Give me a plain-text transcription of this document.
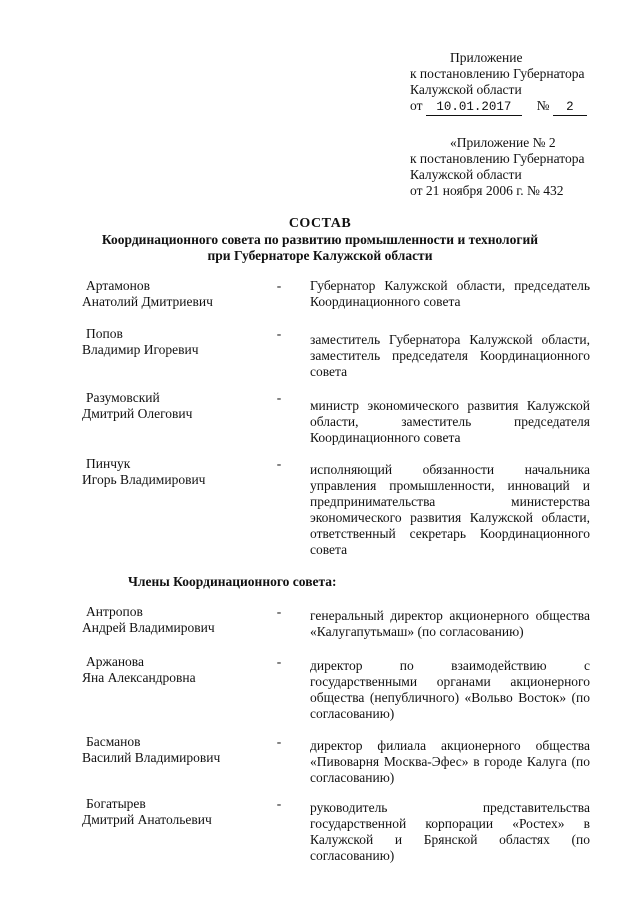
Приложение
к постановлению Губернатора
Калужской области
от 10.01.2017 № 2
«Приложение № 2
к постановлению Губернатора
Калужской области
от 21 ноября 2006 г. № 432
СОСТАВ
Координационного совета по развитию промышленности и технологий
при Губернаторе Калужской области
Артамонов
Анатолий Дмитриевич
- Губернатор Калужской области, председатель Координационного совета
Попов
Владимир Игоревич
- заместитель Губернатора Калужской области, заместитель председателя Координационного совета
Разумовский
Дмитрий Олегович
-
министр экономического развития Калужской области, заместитель председателя Координационного совета
Пинчук
Игорь Владимирович
- исполняющий обязанности начальника управления промышленности, инноваций и предпринимательства министерства экономического развития Калужской области, ответственный секретарь Координационного совета
Члены Координационного совета:
Антропов
Андрей Владимирович
- генеральный директор акционерного общества «Калугапутьмаш» (по согласованию)
Аржанова
Яна Александровна
- директор по взаимодействию с государственными органами акционерного общества (непубличного) «Вольво Восток» (по согласованию)
Басманов
Василий Владимирович
- директор филиала акционерного общества «Пивоварня Москва-Эфес» в городе Калуга (по согласованию)
Богатырев
Дмитрий Анатольевич
- руководитель представительства государственной корпорации «Ростех» в Калужской и Брянской областях (по согласованию)
